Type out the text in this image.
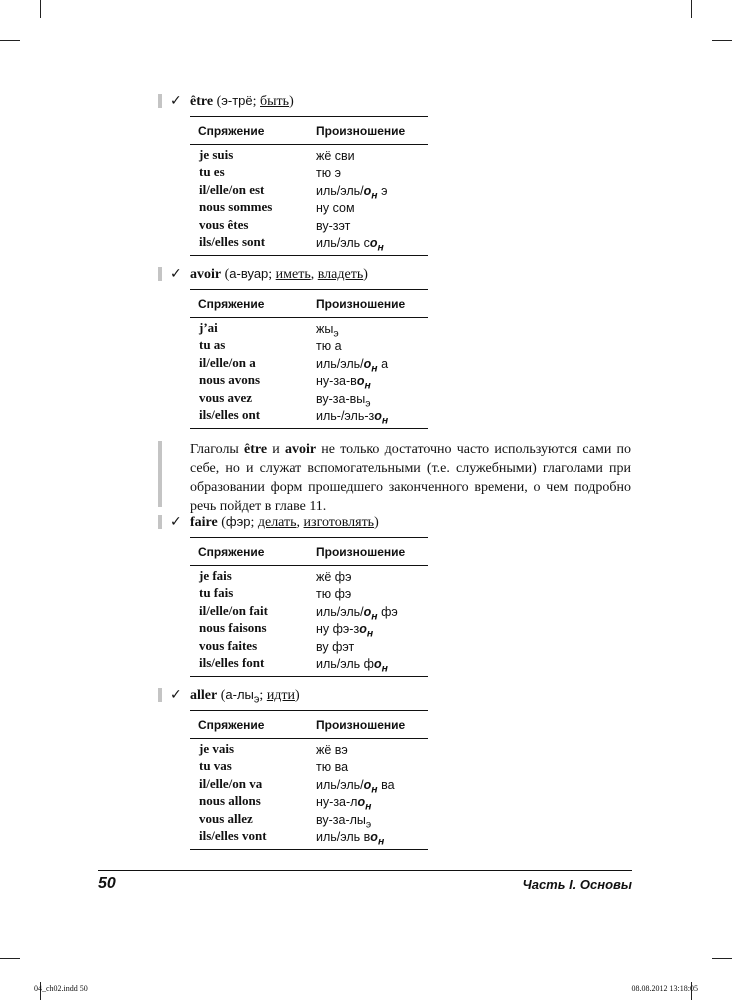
✓ être (э-трё; быть)
Спряжение	Произношение
je suis	жё сви
tu es	тю э
il/elle/on est	иль/$эль/о_н$ э
nous sommes	ну сом
vous êtes	ву-зэт
ils/elles sont	иль/эль $со_н$
✓ avoir (а-вуар; иметь, владеть)
Спряжение	Произношение
j’ai	$жы_э$
tu as	тю а
il/elle/on a	иль/$эль/о_н$ а
nous avons	$ну-за-во_н$
vous avez	$ву-за-вы_э$
ils/elles ont	иль-$/эль-зо_н$

Глаголы être и avoir не только достаточно часто используются сами по себе, но и служат вспомогательными (т.е. служебными) глаголами при образовании форм прошедшего законченного времени, о чем подробно речь пойдет в главе 11.

✓ faire (фэр; делать, изготовлять)
Спряжение	Произношение
je fais	жё фэ
tu fais	тю фэ
il/elle/on fait	иль/$эль/о_н$ фэ
nous faisons	ну $фэ-зо_н$
vous faites	ву фэт
ils/elles font	иль/эль $фо_н$
✓ aller ($а-лы_э$; идти)
Спряжение	Произношение
je vais	жё вэ
tu vas	тю ва
il/elle/on va	иль/$эль/о_н$ ва
nous allons	$ну-за-ло_н$
vous allez	$ву-за-лы_э$
ils/elles vont	иль/эль $во_н$
50	Часть I. Основы
04_ch02.indd 50	08.08.2012 13:18:05
